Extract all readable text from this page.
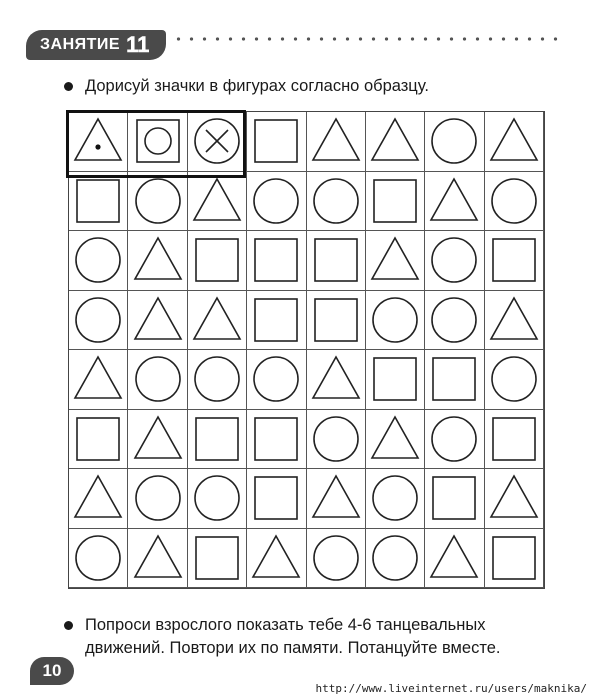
ЗАНЯТИЕ 11
Дорисуй значки в фигурах согласно образцу.
Попроси взрослого показать тебе 4-6 танцевальных движений. Повтори их по памяти. Потанцуйте вместе.
10
http://www.liveinternet.ru/users/maknika/
